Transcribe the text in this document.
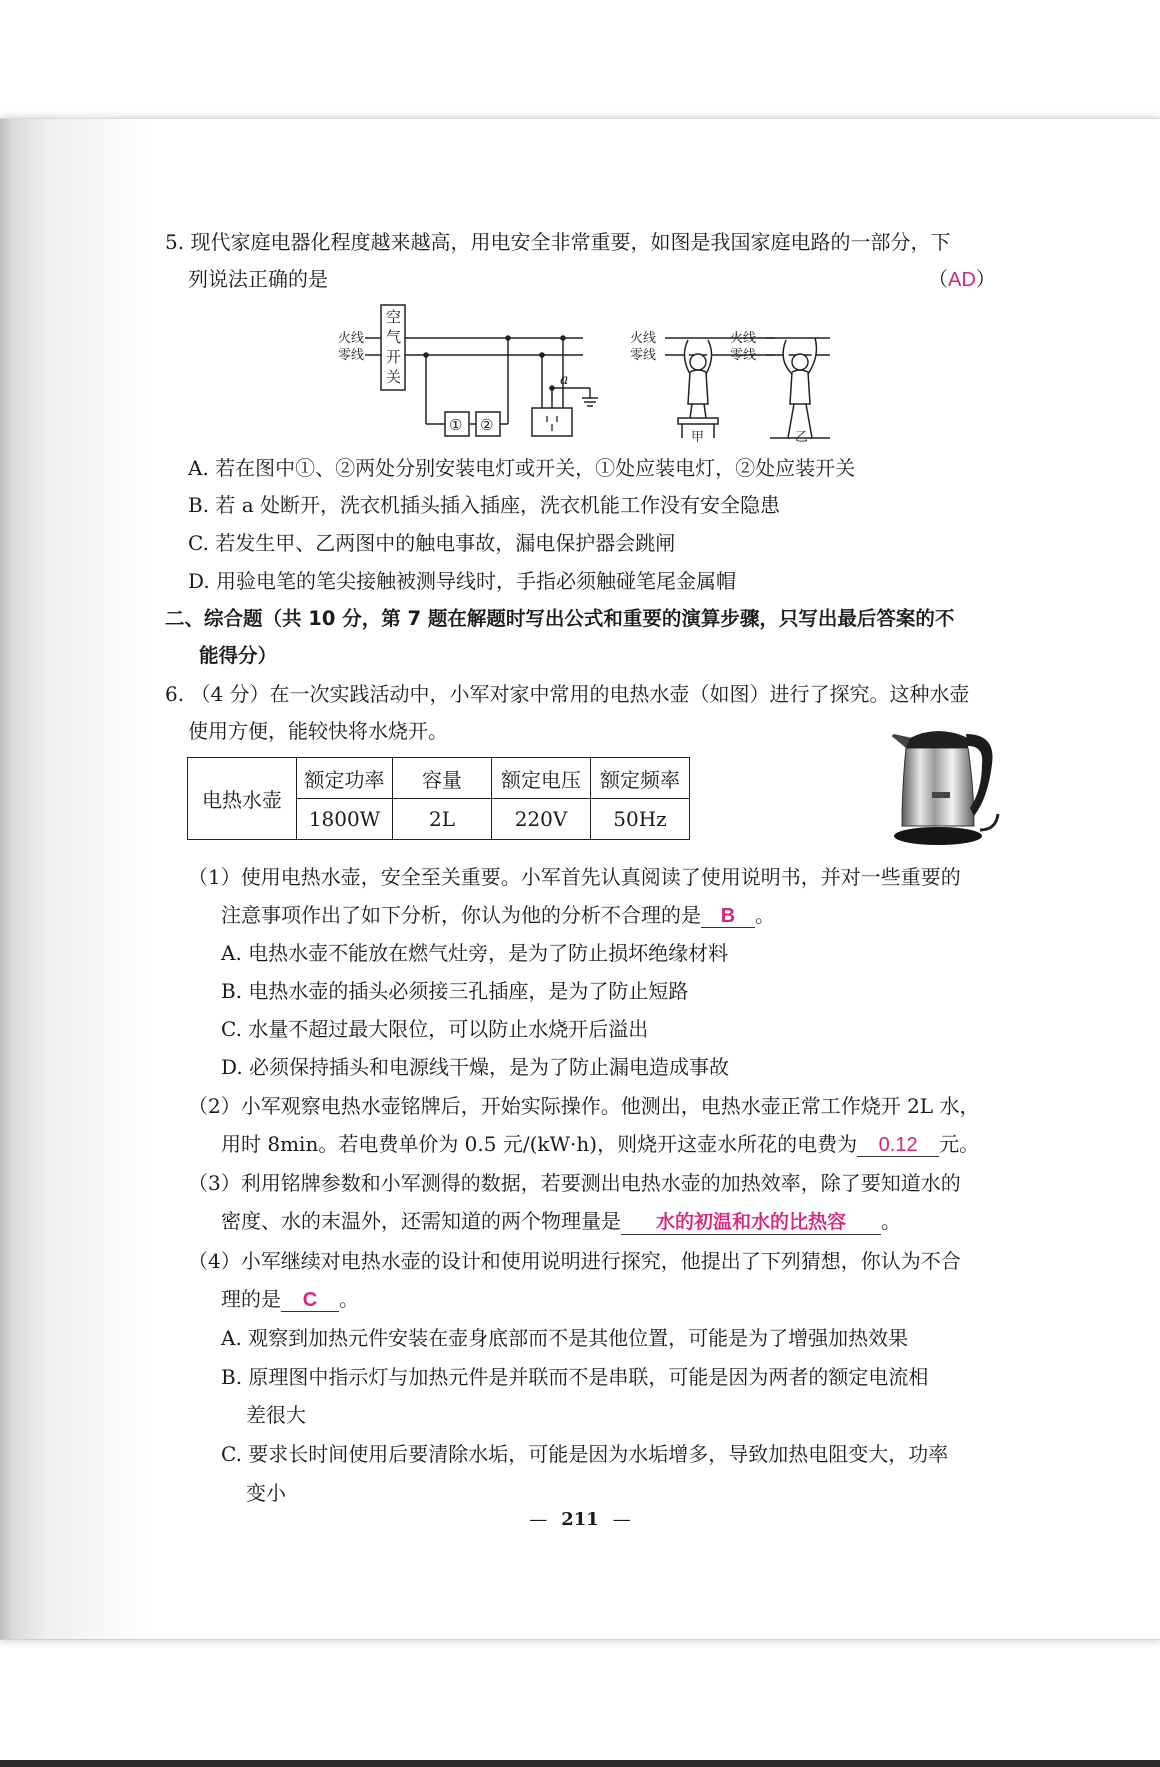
5. 现代家庭电器化程度越来越高，用电安全非常重要，如图是我国家庭电路的一部分，下
列说法正确的是	（AD）
火线
零线
空
气
开
关
① ②
a
火线
零线
火线
零线
甲	乙
A. 若在图中①、②两处分别安装电灯或开关，①处应装电灯，②处应装开关
B. 若 a 处断开，洗衣机插头插入插座，洗衣机能工作没有安全隐患
C. 若发生甲、乙两图中的触电事故，漏电保护器会跳闸
D. 用验电笔的笔尖接触被测导线时，手指必须触碰笔尾金属帽
二、综合题（共 10 分，第 7 题在解题时写出公式和重要的演算步骤，只写出最后答案的不
能得分）
6. （4 分）在一次实践活动中，小军对家中常用的电热水壶（如图）进行了探究。这种水壶
使用方便，能较快将水烧开。
电热水壶	额定功率	容量	额定电压	额定频率
	1800W	2L	220V	50Hz
（1）使用电热水壶，安全至关重要。小军首先认真阅读了使用说明书，并对一些重要的
注意事项作出了如下分析，你认为他的分析不合理的是 B 。
A. 电热水壶不能放在燃气灶旁，是为了防止损坏绝缘材料
B. 电热水壶的插头必须接三孔插座，是为了防止短路
C. 水量不超过最大限位，可以防止水烧开后溢出
D. 必须保持插头和电源线干燥，是为了防止漏电造成事故
（2）小军观察电热水壶铭牌后，开始实际操作。他测出，电热水壶正常工作烧开 2L 水，
用时 8min。若电费单价为 0.5 元/(kW·h)，则烧开这壶水所花的电费为 0.12 元。
（3）利用铭牌参数和小军测得的数据，若要测出电热水壶的加热效率，除了要知道水的
密度、水的末温外，还需知道的两个物理量是 水的初温和水的比热容 。
（4）小军继续对电热水壶的设计和使用说明进行探究，他提出了下列猜想，你认为不合
理的是 C 。
A. 观察到加热元件安装在壶身底部而不是其他位置，可能是为了增强加热效果
B. 原理图中指示灯与加热元件是并联而不是串联，可能是因为两者的额定电流相
差很大
C. 要求长时间使用后要清除水垢，可能是因为水垢增多，导致加热电阻变大，功率
变小
— 211 —
